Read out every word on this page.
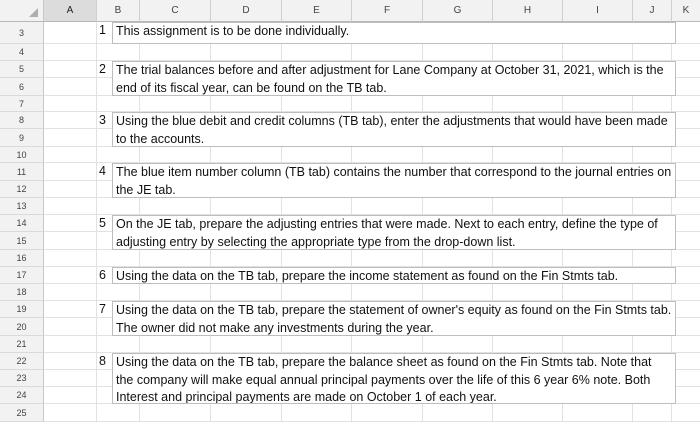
A	B	C	D	E	F	G	H	I	J	K
3
4
5
6
7
8
9
10
11
12
13
14
15
16
17
18
19
20
21
22
23
24
25
1 This assignment is to be done individually.
2 The trial balances before and after adjustment for Lane Company at October 31, 2021, which is the end of its fiscal year, can be found on the TB tab.
3 Using the blue debit and credit columns (TB tab), enter the adjustments that would have been made to the accounts.
4 The blue item number column (TB tab) contains the number that correspond to the journal entries on the JE tab.
5 On the JE tab, prepare the adjusting entries that were made. Next to each entry, define the type of adjusting entry by selecting the appropriate type from the drop-down list.
6 Using the data on the TB tab, prepare the income statement as found on the Fin Stmts tab.
7 Using the data on the TB tab, prepare the statement of owner's equity as found on the Fin Stmts tab. The owner did not make any investments during the year.
8 Using the data on the TB tab, prepare the balance sheet as found on the Fin Stmts tab. Note that the company will make equal annual principal payments over the life of this 6 year 6% note. Both Interest and principal payments are made on October 1 of each year.
